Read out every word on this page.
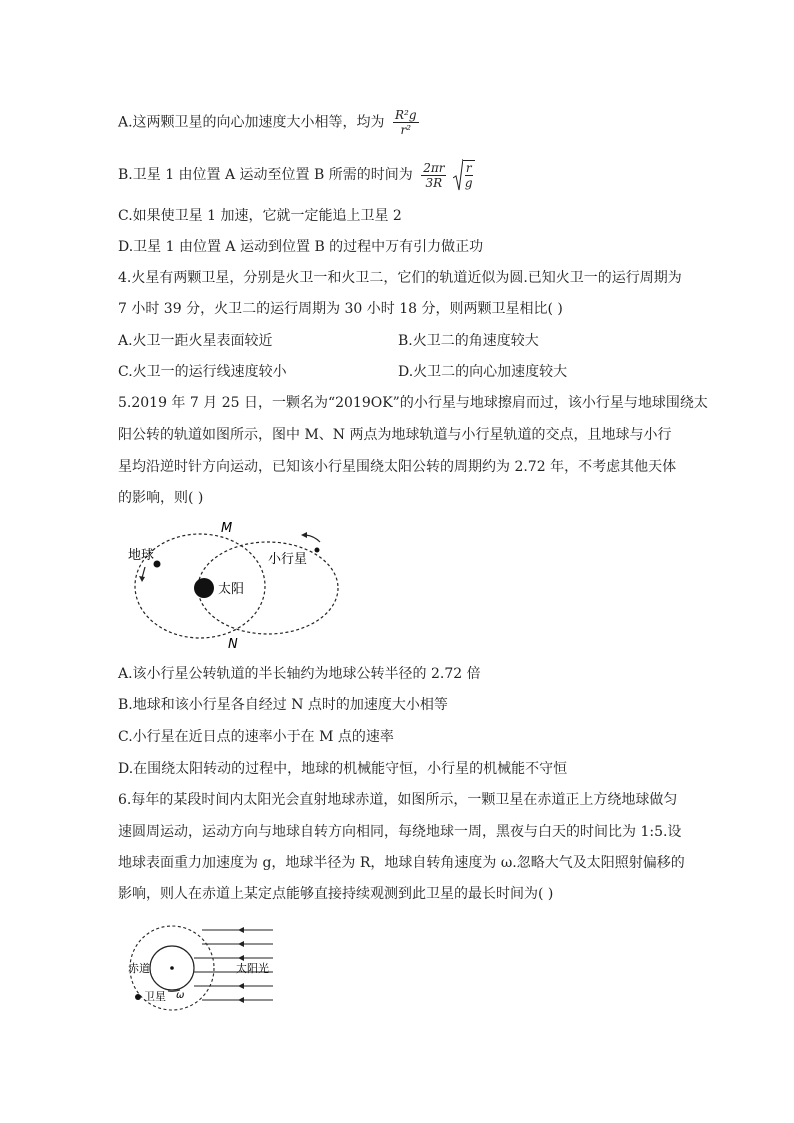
A.这两颗卫星的向心加速度大小相等，均为 $\frac{\text{R²g}}{\text{r²}}$
B.卫星 1 由位置 A 运动至位置 B 所需的时间为 $\frac{2\pi r}{3R}$
$\frac{r}{g}$
C.如果使卫星 1 加速，它就一定能追上卫星 2
D.卫星 1 由位置 A 运动到位置 B 的过程中万有引力做正功
4.火星有两颗卫星，分别是火卫一和火卫二，它们的轨道近似为圆.已知火卫一的运行周期为
7 小时 39 分，火卫二的运行周期为 30 小时 18 分，则两颗卫星相比( )
A.火卫一距火星表面较近	B.火卫二的角速度较大
C.火卫一的运行线速度较小	D.火卫二的向心加速度较大
5.2019 年 7 月 25 日，一颗名为“2019OK”的小行星与地球擦肩而过，该小行星与地球围绕太
阳公转的轨道如图所示，图中 M、N 两点为地球轨道与小行星轨道的交点，且地球与小行
星均沿逆时针方向运动，已知该小行星围绕太阳公转的周期约为 2.72 年，不考虑其他天体
的影响，则( )
太阳
地球	小行星
M
N
A.该小行星公转轨道的半长轴约为地球公转半径的 2.72 倍
B.地球和该小行星各自经过 N 点时的加速度大小相等
C.小行星在近日点的速率小于在 M 点的速率
D.在围绕太阳转动的过程中，地球的机械能守恒，小行星的机械能不守恒
6.每年的某段时间内太阳光会直射地球赤道，如图所示，一颗卫星在赤道正上方绕地球做匀
速圆周运动，运动方向与地球自转方向相同，每绕地球一周，黑夜与白天的时间比为 1:5.设
地球表面重力加速度为 g，地球半径为 R，地球自转角速度为 ω.忽略大气及太阳照射偏移的
影响，则人在赤道上某定点能够直接持续观测到此卫星的最长时间为( )
太阳光
赤道
卫星 ω
